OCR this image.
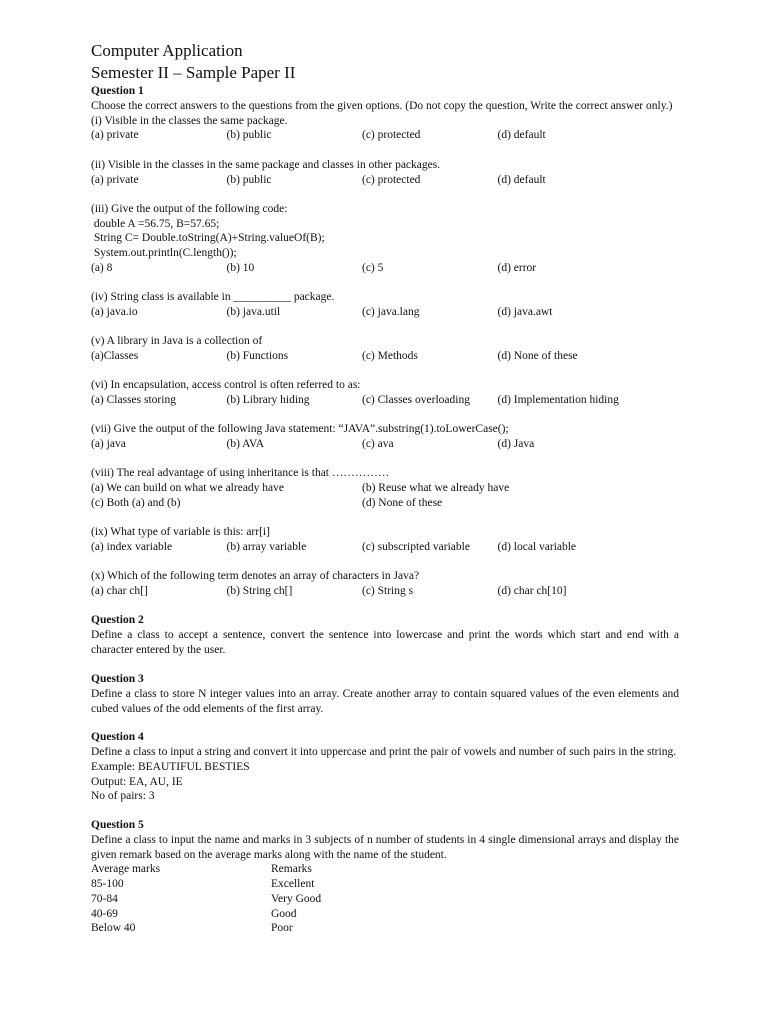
Computer Application
Semester II – Sample Paper II
Question 1
Choose the correct answers to the questions from the given options. (Do not copy the question, Write the correct answer only.)
(i) Visible in the classes the same package.
(a) private	(b) public	(c) protected	(d) default
(ii) Visible in the classes in the same package and classes in other packages.
(a) private	(b) public	(c) protected	(d) default
(iii) Give the output of the following code:
double A =56.75, B=57.65;
String C= Double.toString(A)+String.valueOf(B);
System.out.println(C.length());
(a) 8	(b) 10	(c) 5	(d) error
(iv) String class is available in __________ package.
(a) java.io	(b) java.util	(c) java.lang	(d) java.awt
(v) A library in Java is a collection of
(a)Classes	(b) Functions	(c) Methods	(d) None of these
(vi) In encapsulation, access control is often referred to as:
(a) Classes storing	(b) Library hiding	(c) Classes overloading	(d) Implementation hiding
(vii) Give the output of the following Java statement: “JAVA”.substring(1).toLowerCase();
(a) java	(b) AVA	(c) ava	(d) Java
(viii) The real advantage of using inheritance is that ……………
(a) We can build on what we already have	(b) Reuse what we already have
(c) Both (a) and (b)	(d) None of these
(ix) What type of variable is this: arr[i]
(a) index variable	(b) array variable	(c) subscripted variable	(d) local variable
(x) Which of the following term denotes an array of characters in Java?
(a) char ch[]	(b) String ch[]	(c) String s	(d) char ch[10]
Question 2
Define a class to accept a sentence, convert the sentence into lowercase and print the words which start and end with a character entered by the user.
Question 3
Define a class to store N integer values into an array. Create another array to contain squared values of the even elements and cubed values of the odd elements of the first array.
Question 4
Define a class to input a string and convert it into uppercase and print the pair of vowels and number of such pairs in the string.
Example: BEAUTIFUL BESTIES
Output: EA, AU, IE
No of pairs: 3
Question 5
Define a class to input the name and marks in 3 subjects of n number of students in 4 single dimensional arrays and display the given remark based on the average marks along with the name of the student.
Average marks	Remarks
85-100	Excellent
70-84	Very Good
40-69	Good
Below 40	Poor
